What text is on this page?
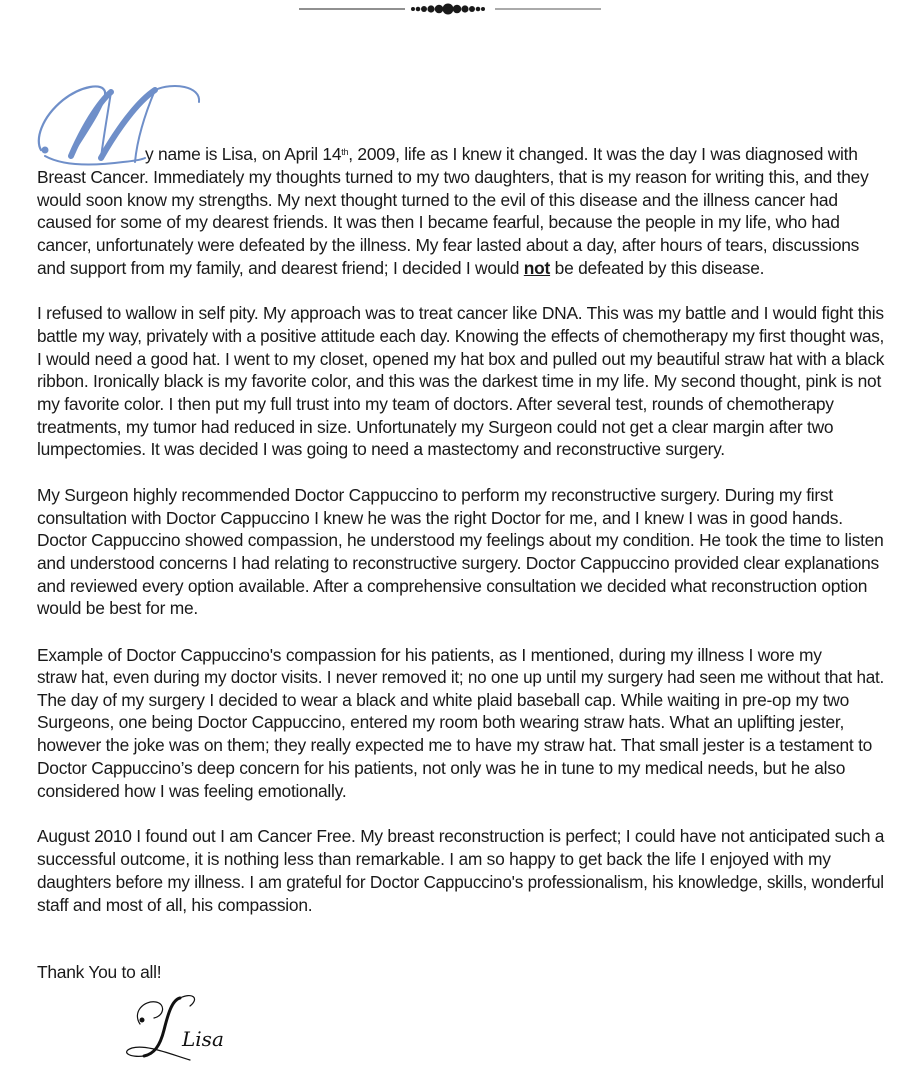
y name is Lisa, on April 14th, 2009, life as I knew it changed. It was the day I was diagnosed with
Breast Cancer. Immediately my thoughts turned to my two daughters, that is my reason for writing this, and they
would soon know my strengths. My next thought turned to the evil of this disease and the illness cancer had
caused for some of my dearest friends. It was then I became fearful, because the people in my life, who had
cancer, unfortunately were defeated by the illness. My fear lasted about a day, after hours of tears, discussions
and support from my family, and dearest friend; I decided I would not be defeated by this disease.
I refused to wallow in self pity. My approach was to treat cancer like DNA. This was my battle and I would fight this
battle my way, privately with a positive attitude each day. Knowing the effects of chemotherapy my first thought was,
I would need a good hat. I went to my closet, opened my hat box and pulled out my beautiful straw hat with a black
ribbon. Ironically black is my favorite color, and this was the darkest time in my life. My second thought, pink is not
my favorite color. I then put my full trust into my team of doctors. After several test, rounds of chemotherapy
treatments, my tumor had reduced in size. Unfortunately my Surgeon could not get a clear margin after two
lumpectomies. It was decided I was going to need a mastectomy and reconstructive surgery.
My Surgeon highly recommended Doctor Cappuccino to perform my reconstructive surgery. During my first
consultation with Doctor Cappuccino I knew he was the right Doctor for me, and I knew I was in good hands.
Doctor Cappuccino showed compassion, he understood my feelings about my condition. He took the time to listen
and understood concerns I had relating to reconstructive surgery. Doctor Cappuccino provided clear explanations
and reviewed every option available. After a comprehensive consultation we decided what reconstruction option
would be best for me.
Example of Doctor Cappuccino's compassion for his patients, as I mentioned, during my illness I wore my
straw hat, even during my doctor visits. I never removed it; no one up until my surgery had seen me without that hat.
The day of my surgery I decided to wear a black and white plaid baseball cap. While waiting in pre-op my two
Surgeons, one being Doctor Cappuccino, entered my room both wearing straw hats. What an uplifting jester,
however the joke was on them; they really expected me to have my straw hat. That small jester is a testament to
Doctor Cappuccino’s deep concern for his patients, not only was he in tune to my medical needs, but he also
considered how I was feeling emotionally.
August 2010 I found out I am Cancer Free. My breast reconstruction is perfect; I could have not anticipated such a
successful outcome, it is nothing less than remarkable. I am so happy to get back the life I enjoyed with my
daughters before my illness. I am grateful for Doctor Cappuccino's professionalism, his knowledge, skills, wonderful
staff and most of all, his compassion.
Thank You to all!
Lisa
